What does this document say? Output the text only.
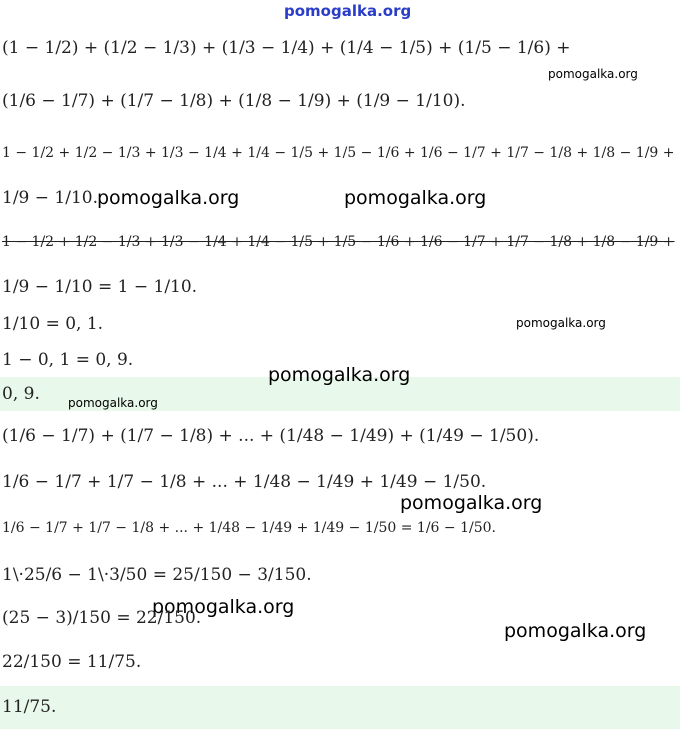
pomogalka.org
pomogalka.org
pomogalka.org	pomogalka.org
pomogalka.org
pomogalka.org
pomogalka.org
pomogalka.org
pomogalka.org
pomogalka.org
(1 − 1/2) + (1/2 − 1/3) + (1/3 − 1/4) + (1/4 − 1/5) + (1/5 − 1/6) +
(1/6 − 1/7) + (1/7 − 1/8) + (1/8 − 1/9) + (1/9 − 1/10).
1 − 1/2 + 1/2 − 1/3 + 1/3 − 1/4 + 1/4 − 1/5 + 1/5 − 1/6 + 1/6 − 1/7 + 1/7 − 1/8 + 1/8 − 1/9 +
1/9 − 1/10.
1 − 1/2 + 1/2 − 1/3 + 1/3 − 1/4 + 1/4 − 1/5 + 1/5 − 1/6 + 1/6 − 1/7 + 1/7 − 1/8 + 1/8 − 1/9 +
1/9 − 1/10 = 1 − 1/10.
1/10 = 0, 1.
1 − 0, 1 = 0, 9.
0, 9.
(1/6 − 1/7) + (1/7 − 1/8) + ... + (1/48 − 1/49) + (1/49 − 1/50).
1/6 − 1/7 + 1/7 − 1/8 + ... + 1/48 − 1/49 + 1/49 − 1/50.
1/6 − 1/7 + 1/7 − 1/8 + ... + 1/48 − 1/49 + 1/49 − 1/50 = 1/6 − 1/50.
1\·25/6 − 1\·3/50 = 25/150 − 3/150.
(25 − 3)/150 = 22/150.
22/150 = 11/75.
11/75.
